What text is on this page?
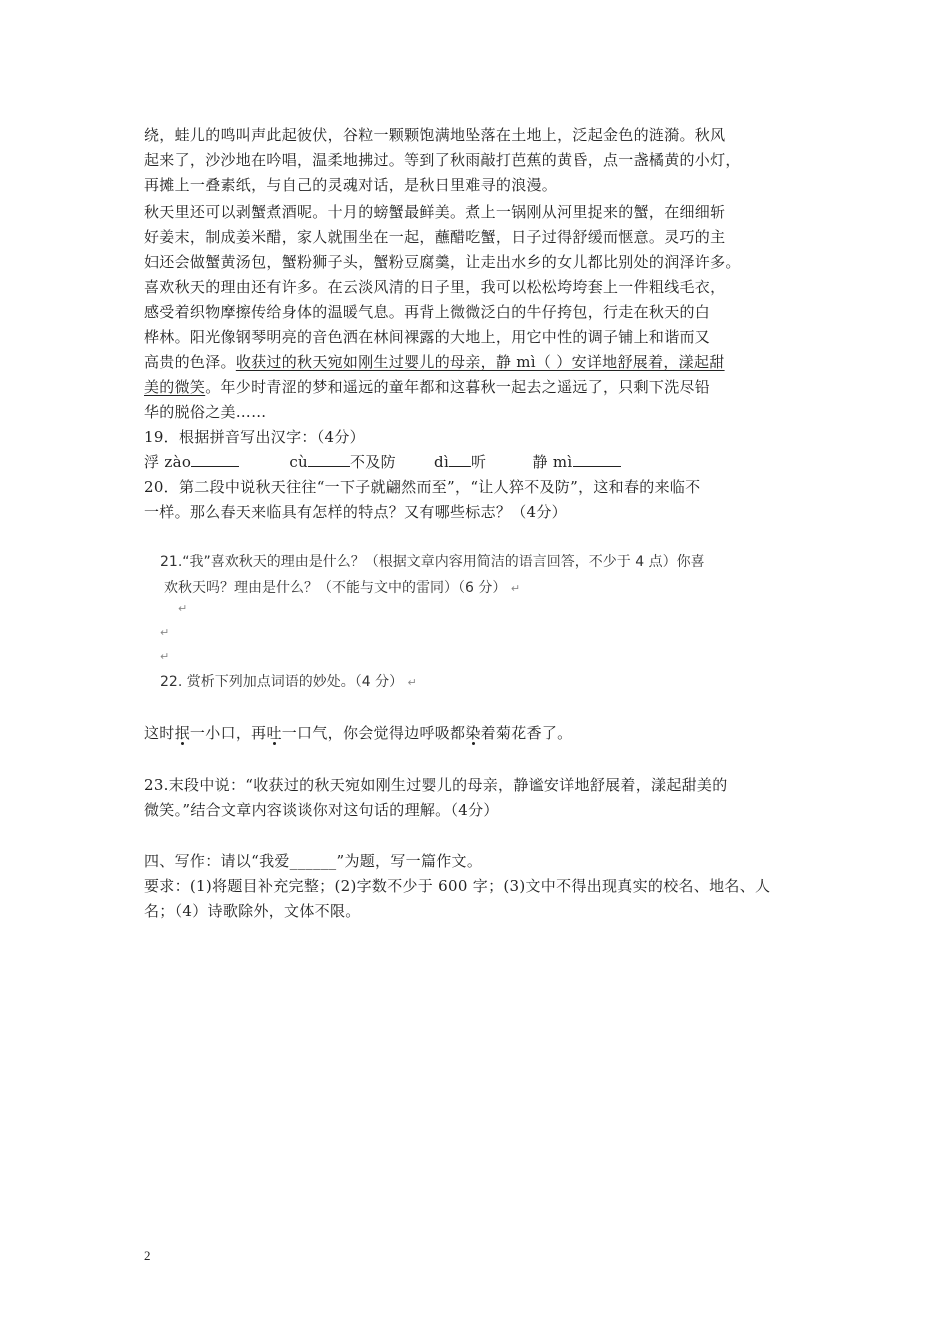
绕，蛙儿的鸣叫声此起彼伏，谷粒一颗颗饱满地坠落在土地上，泛起金色的涟漪。秋风
起来了，沙沙地在吟唱，温柔地拂过。等到了秋雨敲打芭蕉的黄昏，点一盏橘黄的小灯，
再摊上一叠素纸，与自己的灵魂对话，是秋日里难寻的浪漫。
秋天里还可以剥蟹煮酒呢。十月的螃蟹最鲜美。煮上一锅刚从河里捉来的蟹，在细细斩
好姜末，制成姜米醋，家人就围坐在一起，蘸醋吃蟹，日子过得舒缓而惬意。灵巧的主
妇还会做蟹黄汤包，蟹粉狮子头，蟹粉豆腐羹，让走出水乡的女儿都比别处的润泽许多。
喜欢秋天的理由还有许多。在云淡风清的日子里，我可以松松垮垮套上一件粗线毛衣，
感受着织物摩擦传给身体的温暖气息。再背上微微泛白的牛仔挎包，行走在秋天的白
桦林。阳光像钢琴明亮的音色洒在林间裸露的大地上，用它中性的调子铺上和谐而又
高贵的色泽。收获过的秋天宛如刚生过婴儿的母亲，静 mì（ ）安详地舒展着，漾起甜
美的微笑。年少时青涩的梦和遥远的童年都和这暮秋一起去之遥远了，只剩下洗尽铅
华的脱俗之美……
19．根据拼音写出汉字：（4分）
浮 zào	cù	不及防	dì 听	静 mì
20．第二段中说秋天往往“一下子就翩然而至”，“让人猝不及防”，这和春的来临不
一样。那么春天来临具有怎样的特点？又有哪些标志？（4分）
21.“我”喜欢秋天的理由是什么？（根据文章内容用简洁的语言回答，不少于 4 点）你喜
欢秋天吗？理由是什么？（不能与文中的雷同）（6 分） ↵
↵
↵
↵
22. 赏析下列加点词语的妙处。（4 分） ↵
这时抿一小口，再吐一口气，你会觉得边呼吸都染着菊花香了。
23.末段中说：“收获过的秋天宛如刚生过婴儿的母亲，静谧安详地舒展着，漾起甜美的
微笑。”结合文章内容谈谈你对这句话的理解。（4分）
四、写作：请以“我爱______”为题，写一篇作文。
要求：(1)将题目补充完整；(2)字数不少于 600 字；(3)文中不得出现真实的校名、地名、人
名；（4）诗歌除外，文体不限。
2
